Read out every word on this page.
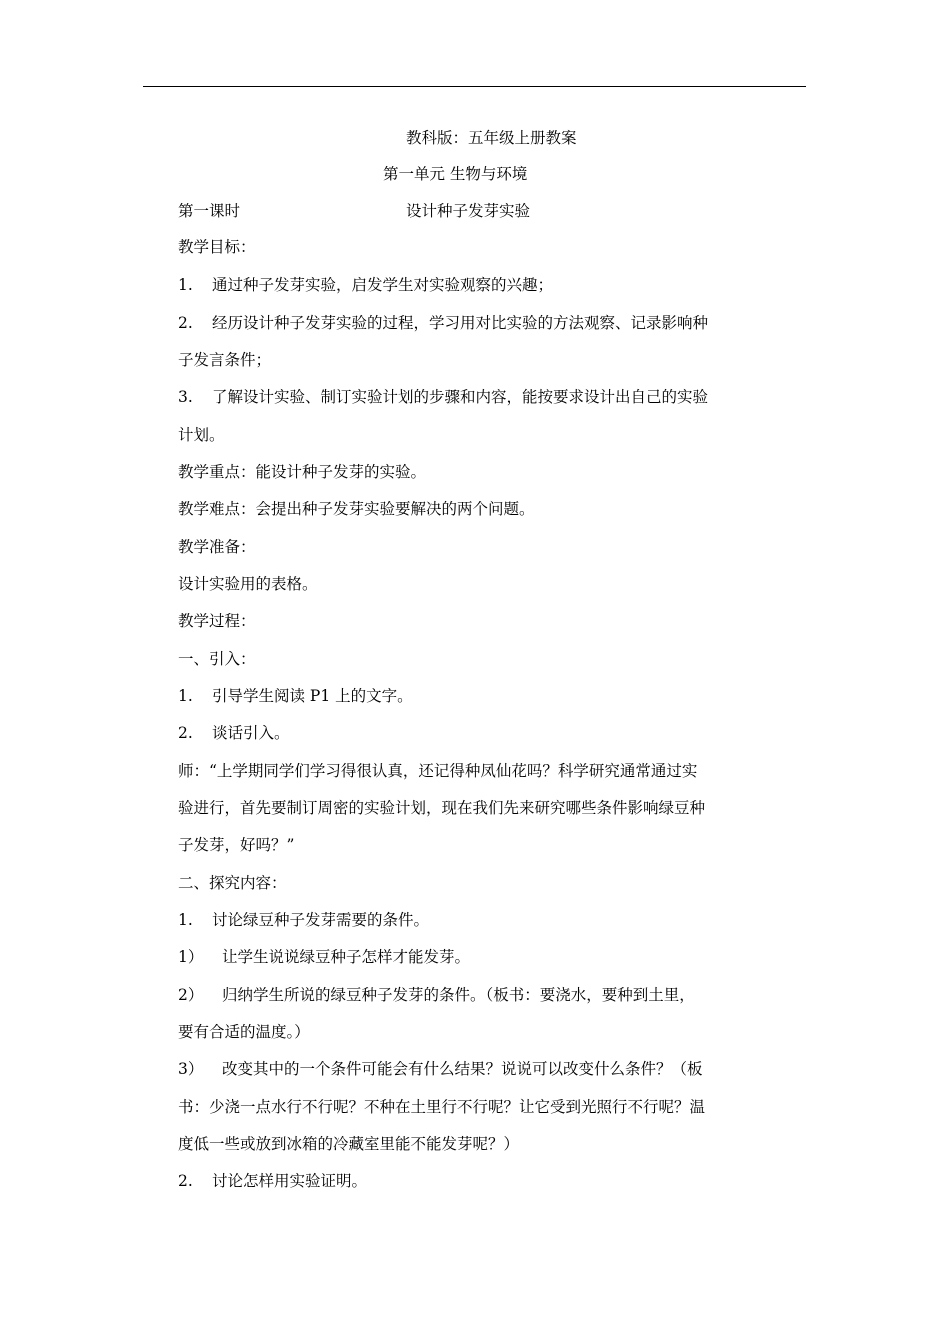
教科版：五年级上册教案
第一单元 生物与环境
第一课时	设计种子发芽实验
教学目标：
1. 通过种子发芽实验，启发学生对实验观察的兴趣；
2. 经历设计种子发芽实验的过程，学习用对比实验的方法观察、记录影响种
子发言条件；
3. 了解设计实验、制订实验计划的步骤和内容，能按要求设计出自己的实验
计划。
教学重点：能设计种子发芽的实验。
教学难点：会提出种子发芽实验要解决的两个问题。
教学准备：
设计实验用的表格。
教学过程：
一、引入：
1. 引导学生阅读 P1 上的文字。
2. 谈话引入。
师：“上学期同学们学习得很认真，还记得种凤仙花吗？科学研究通常通过实
验进行，首先要制订周密的实验计划，现在我们先来研究哪些条件影响绿豆种
子发芽，好吗？”
二、探究内容：
1. 讨论绿豆种子发芽需要的条件。
1） 让学生说说绿豆种子怎样才能发芽。
2） 归纳学生所说的绿豆种子发芽的条件。（板书：要浇水，要种到土里，
要有合适的温度。）
3） 改变其中的一个条件可能会有什么结果？说说可以改变什么条件？（板
书：少浇一点水行不行呢？不种在土里行不行呢？让它受到光照行不行呢？温
度低一些或放到冰箱的冷藏室里能不能发芽呢？）
2. 讨论怎样用实验证明。
